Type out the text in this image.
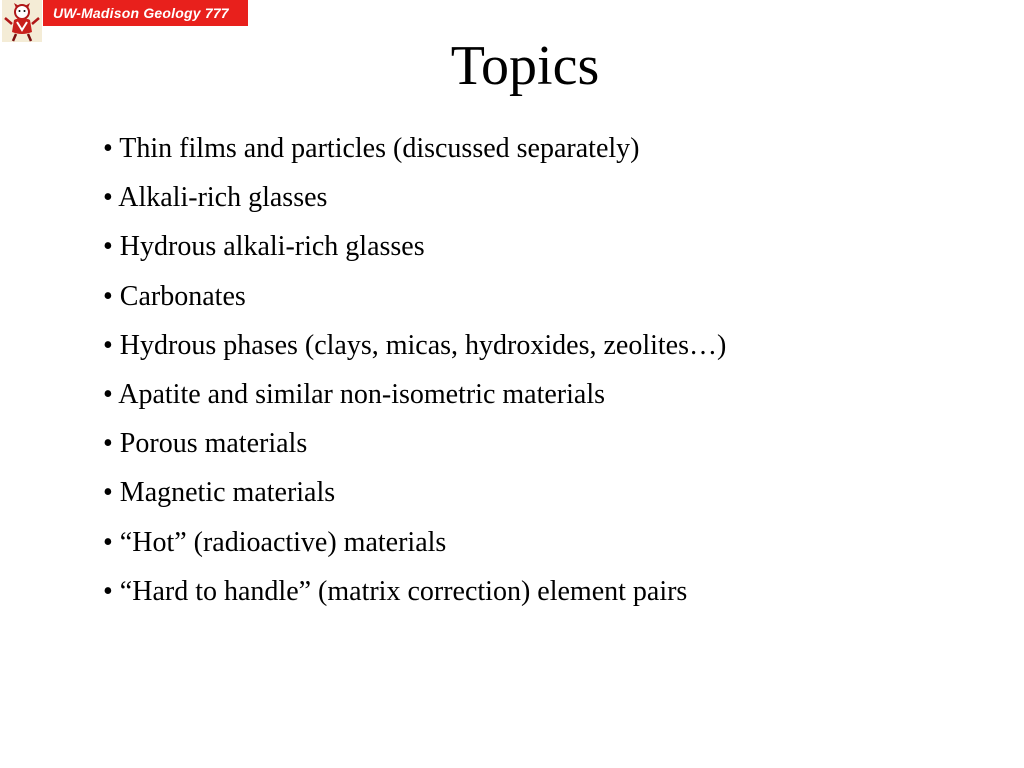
UW-Madison Geology 777
Topics
• Thin films and particles (discussed separately)
• Alkali-rich glasses
• Hydrous alkali-rich glasses
• Carbonates
• Hydrous phases (clays, micas, hydroxides, zeolites…)
• Apatite and similar non-isometric materials
• Porous materials
• Magnetic materials
• “Hot” (radioactive) materials
• “Hard to handle” (matrix correction) element pairs
